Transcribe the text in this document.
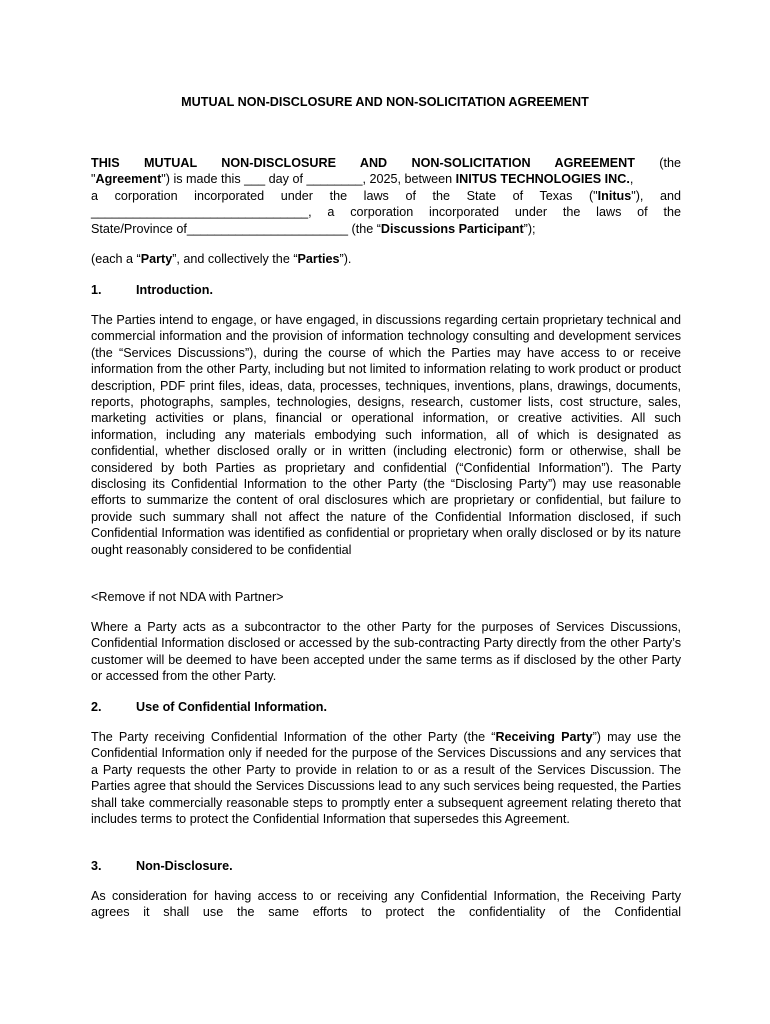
MUTUAL NON-DISCLOSURE AND NON-SOLICITATION AGREEMENT
THIS MUTUAL NON-DISCLOSURE AND NON-SOLICITATION AGREEMENT (the
"Agreement") is made this ___ day of ________, 2025, between INITUS TECHNOLOGIES INC.,
a corporation incorporated under the laws of the State of Texas ("Initus"), and
_______________________________, a corporation incorporated under the laws of the
State/Province of_______________________ (the “Discussions Participant”);
(each a “Party”, and collectively the “Parties”).
1.	Introduction.
The Parties intend to engage, or have engaged, in discussions regarding certain proprietary technical and commercial information and the provision of information technology consulting and development services (the “Services Discussions”), during the course of which the Parties may have access to or receive information from the other Party, including but not limited to information relating to work product or product description, PDF print files, ideas, data, processes, techniques, inventions, plans, drawings, documents, reports, photographs, samples, technologies, designs, research, customer lists, cost structure, sales, marketing activities or plans, financial or operational information, or creative activities. All such information, including any materials embodying such information, all of which is designated as confidential, whether disclosed orally or in written (including electronic) form or otherwise, shall be considered by both Parties as proprietary and confidential (“Confidential Information”). The Party disclosing its Confidential Information to the other Party (the “Disclosing Party”) may use reasonable efforts to summarize the content of oral disclosures which are proprietary or confidential, but failure to provide such summary shall not affect the nature of the Confidential Information disclosed, if such Confidential Information was identified as confidential or proprietary when orally disclosed or by its nature ought reasonably considered to be confidential
<Remove if not NDA with Partner>
Where a Party acts as a subcontractor to the other Party for the purposes of Services Discussions, Confidential Information disclosed or accessed by the sub-contracting Party directly from the other Party’s customer will be deemed to have been accepted under the same terms as if disclosed by the other Party or accessed from the other Party.
2.	Use of Confidential Information.
The Party receiving Confidential Information of the other Party (the “Receiving Party”) may use the Confidential Information only if needed for the purpose of the Services Discussions and any services that a Party requests the other Party to provide in relation to or as a result of the Services Discussion. The Parties agree that should the Services Discussions lead to any such services being requested, the Parties shall take commercially reasonable steps to promptly enter a subsequent agreement relating thereto that includes terms to protect the Confidential Information that supersedes this Agreement.
3.	Non-Disclosure.
As consideration for having access to or receiving any Confidential Information, the Receiving Party agrees it shall use the same efforts to protect the confidentiality of the Confidential
